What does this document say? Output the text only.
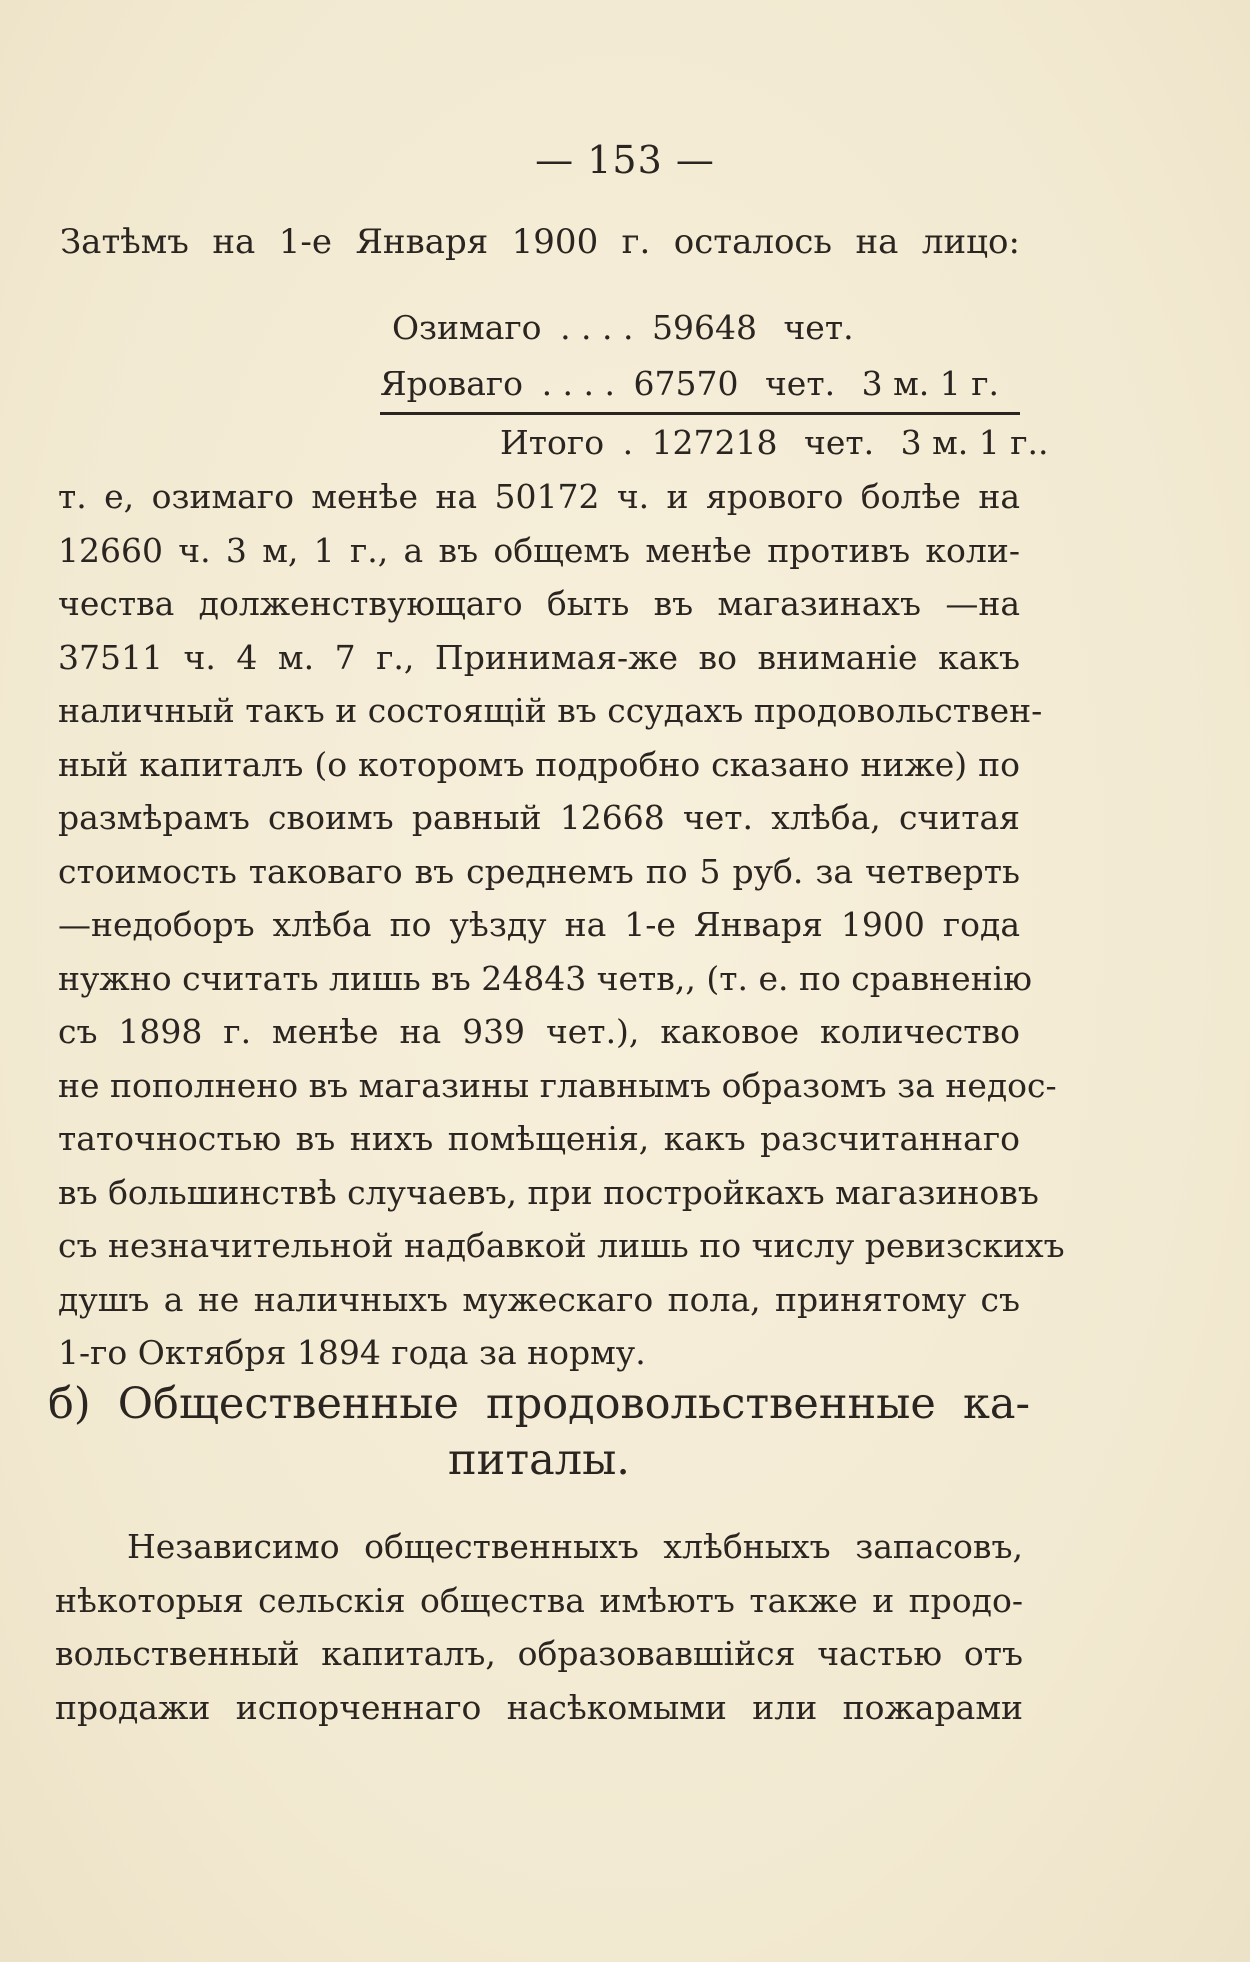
— 153 —
Затѣмъ на 1-е Января 1900 г. осталось на лицо:
Озимаго . . . . 59648 чет.
Яроваго . . . . 67570 чет. 3 м. 1 г.
Итого . 127218 чет. 3 м. 1 г..
т. е, озимаго менѣе на 50172 ч. и ярового болѣе на
12660 ч. 3 м, 1 г., а въ общемъ менѣе противъ коли-
чества долженствующаго быть въ магазинахъ —на
37511 ч. 4 м. 7 г., Принимая-же во вниманіе какъ
наличный такъ и состоящій въ ссудахъ продовольствен-
ный капиталъ (о которомъ подробно сказано ниже) по
размѣрамъ своимъ равный 12668 чет. хлѣба, считая
стоимость таковаго въ среднемъ по 5 руб. за четверть
—недоборъ хлѣба по уѣзду на 1-е Января 1900 года
нужно считать лишь въ 24843 четв,, (т. е. по сравненію
съ 1898 г. менѣе на 939 чет.), каковое количество
не пополнено въ магазины главнымъ образомъ за недос-
таточностью въ нихъ помѣщенія, какъ разсчитаннаго
въ большинствѣ случаевъ, при постройкахъ магазиновъ
съ незначительной надбавкой лишь по числу ревизскихъ
душъ а не наличныхъ мужескаго пола, принятому съ
1-го Октября 1894 года за норму.
б) Общественные продовольственные ка-
питалы.
Независимо общественныхъ хлѣбныхъ запасовъ,
нѣкоторыя сельскія общества имѣютъ также и продо-
вольственный капиталъ, образовавшійся частью отъ
продажи испорченнаго насѣкомыми или пожарами
